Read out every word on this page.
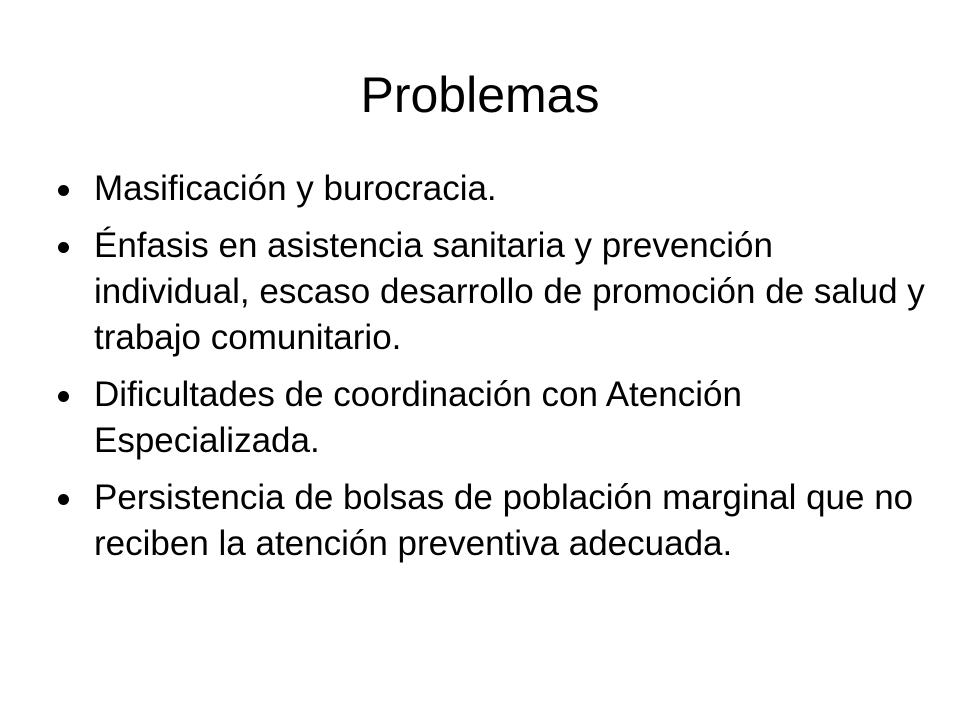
Problemas
Masificación y burocracia.
Énfasis en asistencia sanitaria y prevención individual, escaso desarrollo de promoción de salud y trabajo comunitario.
Dificultades de coordinación con Atención Especializada.
Persistencia de bolsas de población marginal que no reciben la atención preventiva adecuada.
